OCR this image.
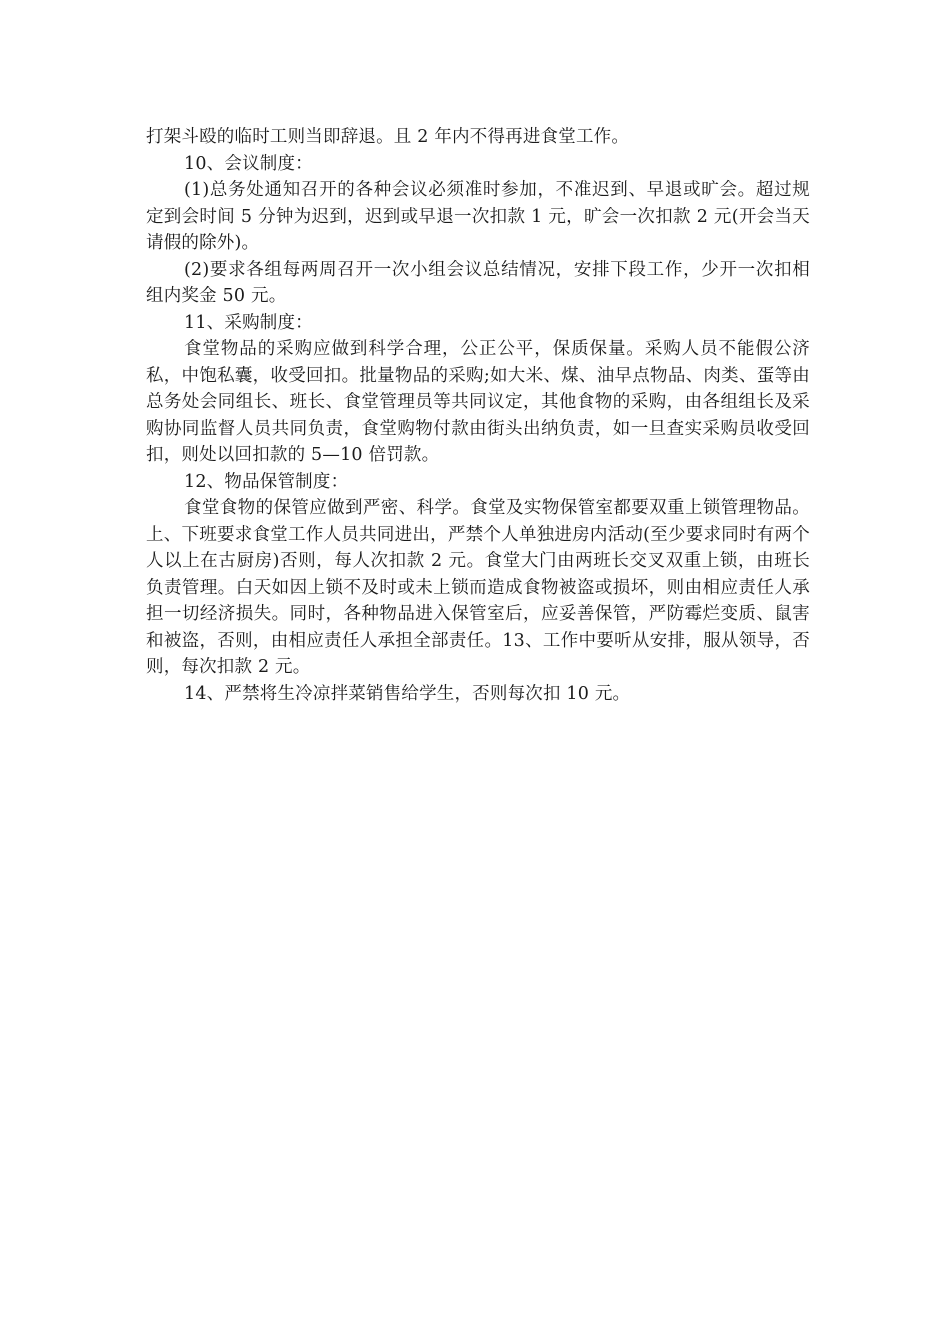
打架斗殴的临时工则当即辞退。且 2 年内不得再进食堂工作。

10、会议制度：

(1)总务处通知召开的各种会议必须准时参加，不准迟到、早退或旷会。超过规定到会时间 5 分钟为迟到，迟到或早退一次扣款 1 元，旷会一次扣款 2 元(开会当天请假的除外)。

(2)要求各组每两周召开一次小组会议总结情况，安排下段工作，少开一次扣相组内奖金 50 元。

11、采购制度：

食堂物品的采购应做到科学合理，公正公平，保质保量。采购人员不能假公济私，中饱私囊，收受回扣。批量物品的采购;如大米、煤、油早点物品、肉类、蛋等由总务处会同组长、班长、食堂管理员等共同议定，其他食物的采购，由各组组长及采购协同监督人员共同负责，食堂购物付款由街头出纳负责，如一旦查实采购员收受回扣，则处以回扣款的 5—10 倍罚款。

12、物品保管制度：

食堂食物的保管应做到严密、科学。食堂及实物保管室都要双重上锁管理物品。上、下班要求食堂工作人员共同进出，严禁个人单独进房内活动(至少要求同时有两个人以上在古厨房)否则，每人次扣款 2 元。食堂大门由两班长交叉双重上锁，由班长负责管理。白天如因上锁不及时或未上锁而造成食物被盗或损坏，则由相应责任人承担一切经济损失。同时，各种物品进入保管室后，应妥善保管，严防霉烂变质、鼠害和被盗，否则，由相应责任人承担全部责任。13、工作中要听从安排，服从领导，否则，每次扣款 2 元。

14、严禁将生冷凉拌菜销售给学生，否则每次扣 10 元。
